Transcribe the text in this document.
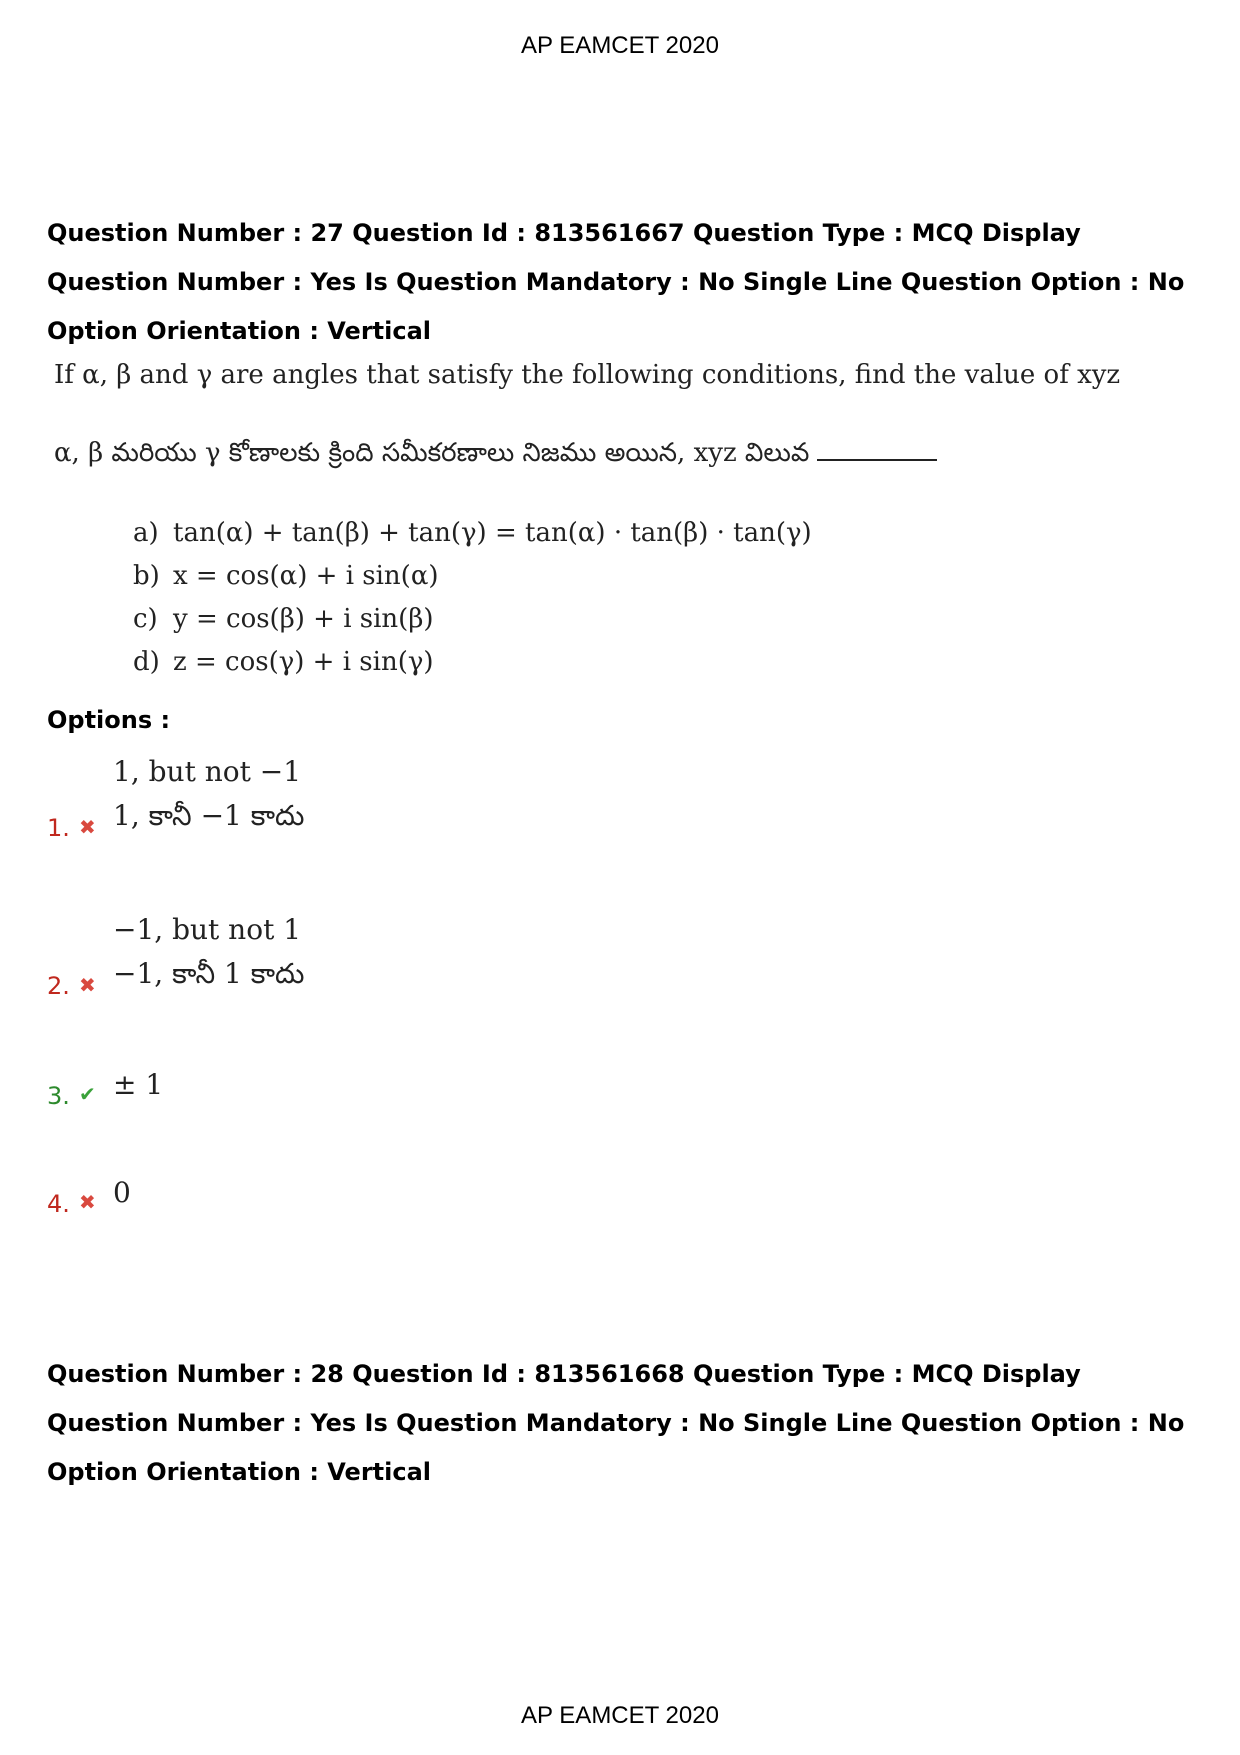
AP EAMCET 2020
Question Number : 27 Question Id : 813561667 Question Type : MCQ Display Question Number : Yes Is Question Mandatory : No Single Line Question Option : No Option Orientation : Vertical
If α, β and γ are angles that satisfy the following conditions, find the value of xyz
α, β మరియు γ కోణాలకు క్రింది సమీకరణాలు నిజము అయిన, xyz విలువ
a) tan(α) + tan(β) + tan(γ) = tan(α) · tan(β) · tan(γ)
b) x = cos(α) + i sin(α)
c) y = cos(β) + i sin(β)
d) z = cos(γ) + i sin(γ)
Options :
1, but not −1
1, కానీ −1 కాదు
1. ✖
−1, but not 1
−1, కానీ 1 కాదు
2. ✖
± 1
3. ✔
0
4. ✖
Question Number : 28 Question Id : 813561668 Question Type : MCQ Display Question Number : Yes Is Question Mandatory : No Single Line Question Option : No Option Orientation : Vertical
AP EAMCET 2020
